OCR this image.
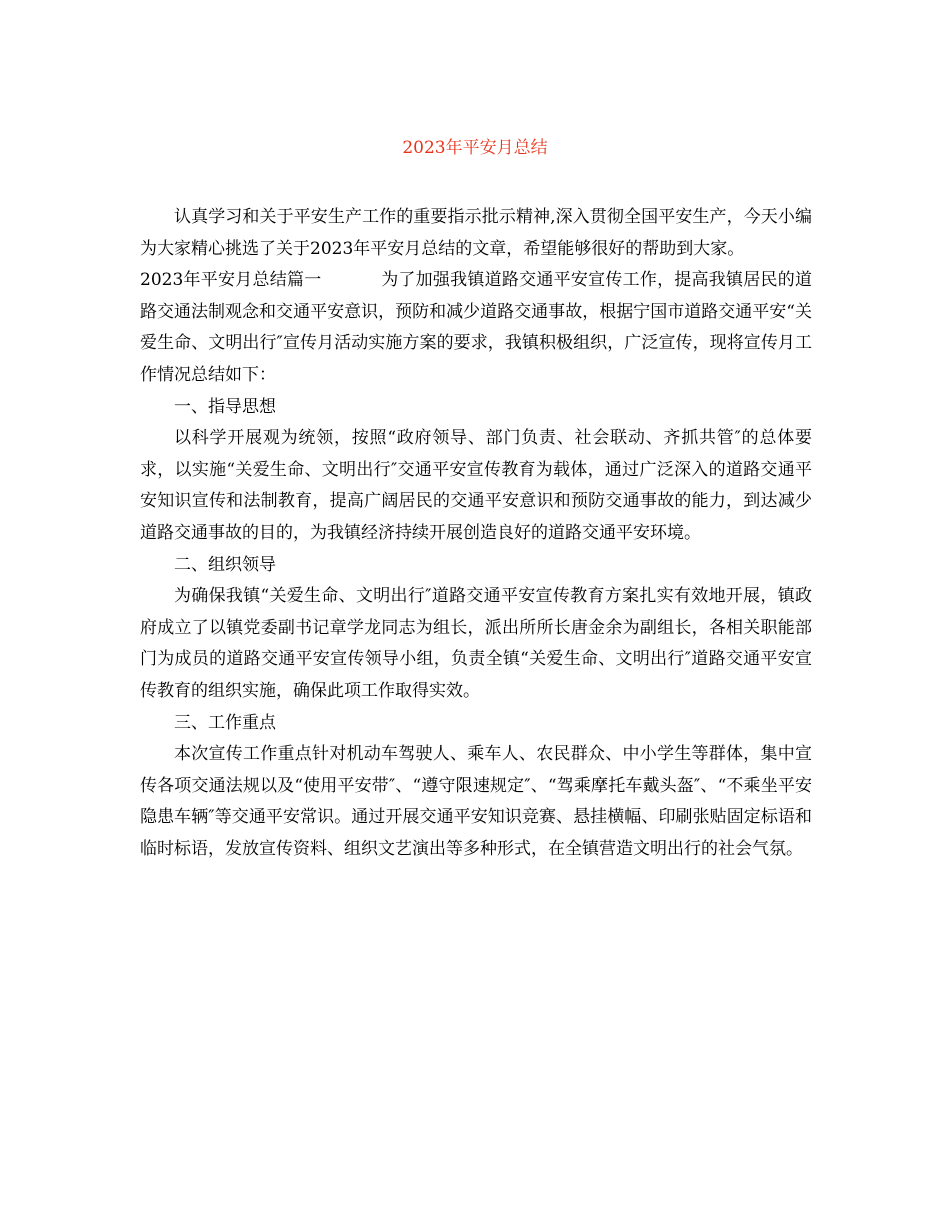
2023年平安月总结

认真学习和关于平安生产工作的重要指示批示精神,深入贯彻全国平安生产，今天小编为大家精心挑选了关于2023年平安月总结的文章，希望能够很好的帮助到大家。

2023年平安月总结篇一	为了加强我镇道路交通平安宣传工作，提高我镇居民的道路交通法制观念和交通平安意识，预防和减少道路交通事故，根据宁国市道路交通平安“关爱生命、文明出行″宣传月活动实施方案的要求，我镇积极组织，广泛宣传，现将宣传月工作情况总结如下：

一、指导思想

以科学开展观为统领，按照“政府领导、部门负责、社会联动、齐抓共管″的总体要求，以实施“关爱生命、文明出行″交通平安宣传教育为载体，通过广泛深入的道路交通平安知识宣传和法制教育，提高广阔居民的交通平安意识和预防交通事故的能力，到达减少道路交通事故的目的，为我镇经济持续开展创造良好的道路交通平安环境。

二、组织领导

为确保我镇“关爱生命、文明出行″道路交通平安宣传教育方案扎实有效地开展，镇政府成立了以镇党委副书记章学龙同志为组长，派出所所长唐金余为副组长，各相关职能部门为成员的道路交通平安宣传领导小组，负责全镇“关爱生命、文明出行″道路交通平安宣传教育的组织实施，确保此项工作取得实效。

三、工作重点

本次宣传工作重点针对机动车驾驶人、乘车人、农民群众、中小学生等群体，集中宣传各项交通法规以及“使用平安带″、“遵守限速规定″、“驾乘摩托车戴头盔″、“不乘坐平安隐患车辆″等交通平安常识。通过开展交通平安知识竞赛、悬挂横幅、印刷张贴固定标语和临时标语，发放宣传资料、组织文艺演出等多种形式，在全镇营造文明出行的社会气氛。
